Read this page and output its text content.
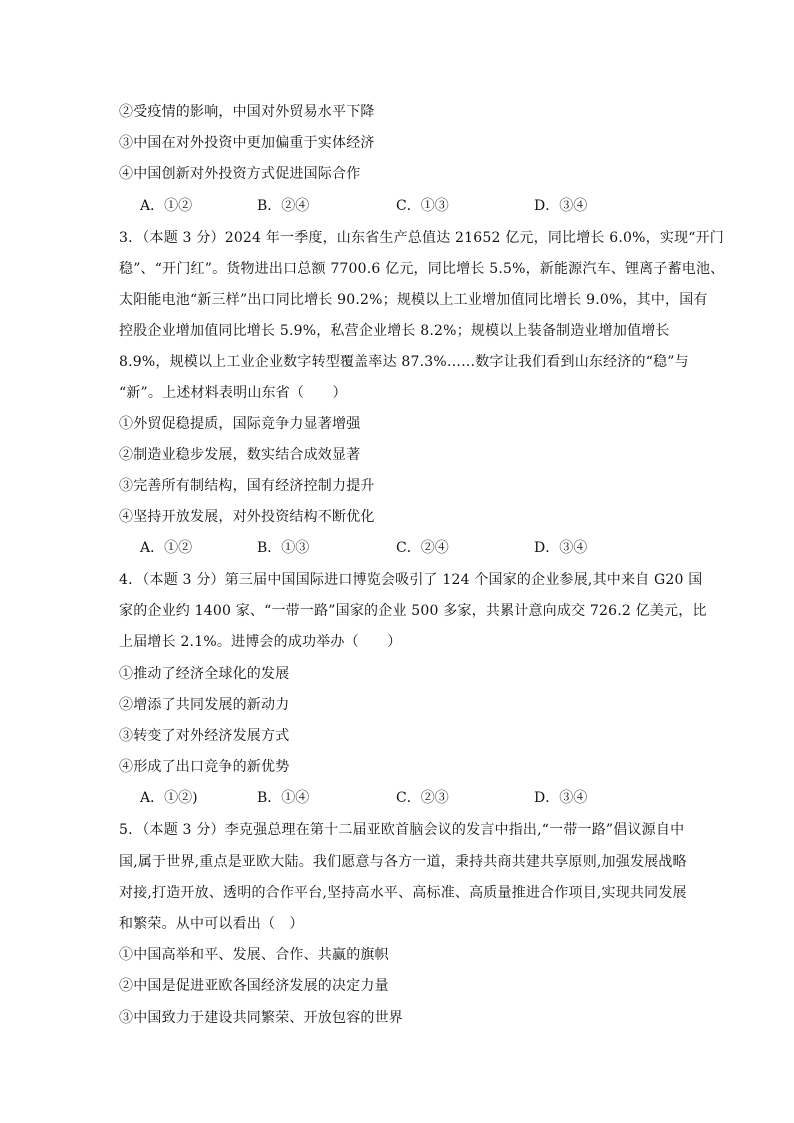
②受疫情的影响，中国对外贸易水平下降
③中国在对外投资中更加偏重于实体经济
④中国创新对外投资方式促进国际合作
A．①②	B．②④	C．①③	D．③④
3．（本题 3 分）2024 年一季度，山东省生产总值达 21652 亿元，同比增长 6.0%，实现“开门
稳”、“开门红”。货物进出口总额 7700.6 亿元，同比增长 5.5%，新能源汽车、锂离子蓄电池、
太阳能电池“新三样”出口同比增长 90.2%；规模以上工业增加值同比增长 9.0%，其中，国有
控股企业增加值同比增长 5.9%，私营企业增长 8.2%；规模以上装备制造业增加值增长
8.9%，规模以上工业企业数字转型覆盖率达 87.3%……数字让我们看到山东经济的“稳”与
“新”。上述材料表明山东省（　　）
①外贸促稳提质，国际竞争力显著增强
②制造业稳步发展，数实结合成效显著
③完善所有制结构，国有经济控制力提升
④坚持开放发展，对外投资结构不断优化
A．①②	B．①③	C．②④	D．③④
4．（本题 3 分）第三届中国国际进口博览会吸引了 124 个国家的企业参展,其中来自 G20 国
家的企业约 1400 家、“一带一路”国家的企业 500 多家，共累计意向成交 726.2 亿美元，比
上届增长 2.1%。进博会的成功举办（　　）
①推动了经济全球化的发展
②增添了共同发展的新动力
③转变了对外经济发展方式
④形成了出口竞争的新优势
A．①②)	B．①④	C．②③	D．③④
5．（本题 3 分）李克强总理在第十二届亚欧首脑会议的发言中指出,“一带一路”倡议源自中
国,属于世界,重点是亚欧大陆。我们愿意与各方一道，秉持共商共建共享原则,加强发展战略
对接,打造开放、透明的合作平台,坚持高水平、高标准、高质量推进合作项目,实现共同发展
和繁荣。从中可以看出（　）
①中国高举和平、发展、合作、共赢的旗帜
②中国是促进亚欧各国经济发展的决定力量
③中国致力于建设共同繁荣、开放包容的世界
